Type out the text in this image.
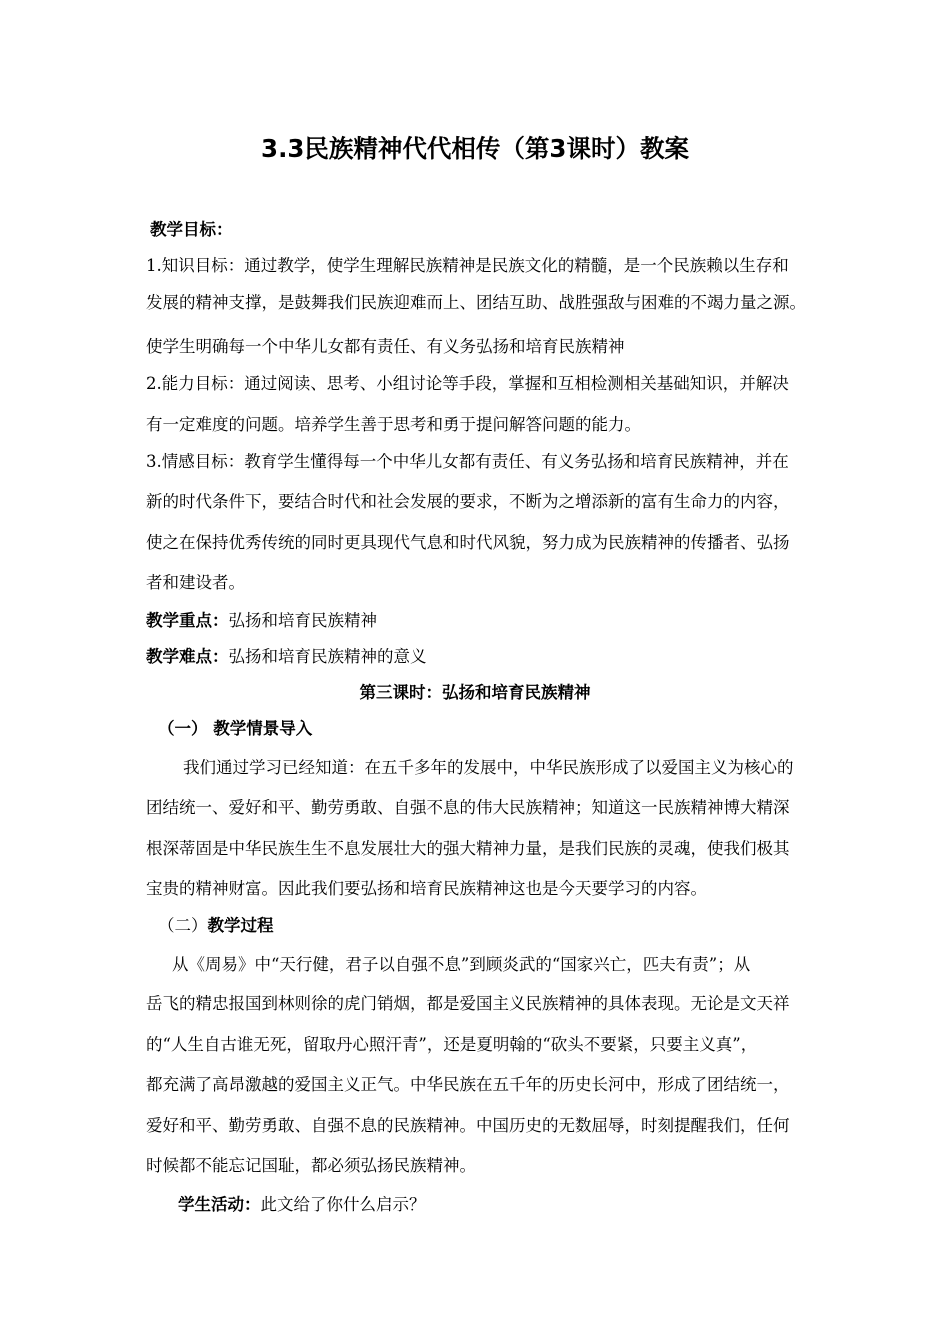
3.3民族精神代代相传（第3课时）教案
教学目标：
1.知识目标：通过教学，使学生理解民族精神是民族文化的精髓，是一个民族赖以生存和
发展的精神支撑，是鼓舞我们民族迎难而上、团结互助、战胜强敌与困难的不竭力量之源。
使学生明确每一个中华儿女都有责任、有义务弘扬和培育民族精神
2.能力目标：通过阅读、思考、小组讨论等手段，掌握和互相检测相关基础知识，并解决
有一定难度的问题。培养学生善于思考和勇于提问解答问题的能力。
3.情感目标：教育学生懂得每一个中华儿女都有责任、有义务弘扬和培育民族精神，并在
新的时代条件下，要结合时代和社会发展的要求，不断为之增添新的富有生命力的内容，
使之在保持优秀传统的同时更具现代气息和时代风貌，努力成为民族精神的传播者、弘扬
者和建设者。
教学重点：弘扬和培育民族精神
教学难点：弘扬和培育民族精神的意义
第三课时：弘扬和培育民族精神
（一） 教学情景导入
我们通过学习已经知道：在五千多年的发展中，中华民族形成了以爱国主义为核心的
团结统一、爱好和平、勤劳勇敢、自强不息的伟大民族精神；知道这一民族精神博大精深
根深蒂固是中华民族生生不息发展壮大的强大精神力量，是我们民族的灵魂，使我们极其
宝贵的精神财富。因此我们要弘扬和培育民族精神这也是今天要学习的内容。
（二）教学过程
从《周易》中“天行健，君子以自强不息”到顾炎武的“国家兴亡，匹夫有责”；从
岳飞的精忠报国到林则徐的虎门销烟，都是爱国主义民族精神的具体表现。无论是文天祥
的“人生自古谁无死，留取丹心照汗青”，还是夏明翰的“砍头不要紧，只要主义真”，
都充满了高昂激越的爱国主义正气。中华民族在五千年的历史长河中，形成了团结统一，
爱好和平、勤劳勇敢、自强不息的民族精神。中国历史的无数屈辱，时刻提醒我们，任何
时候都不能忘记国耻，都必须弘扬民族精神。
学生活动：此文给了你什么启示？
